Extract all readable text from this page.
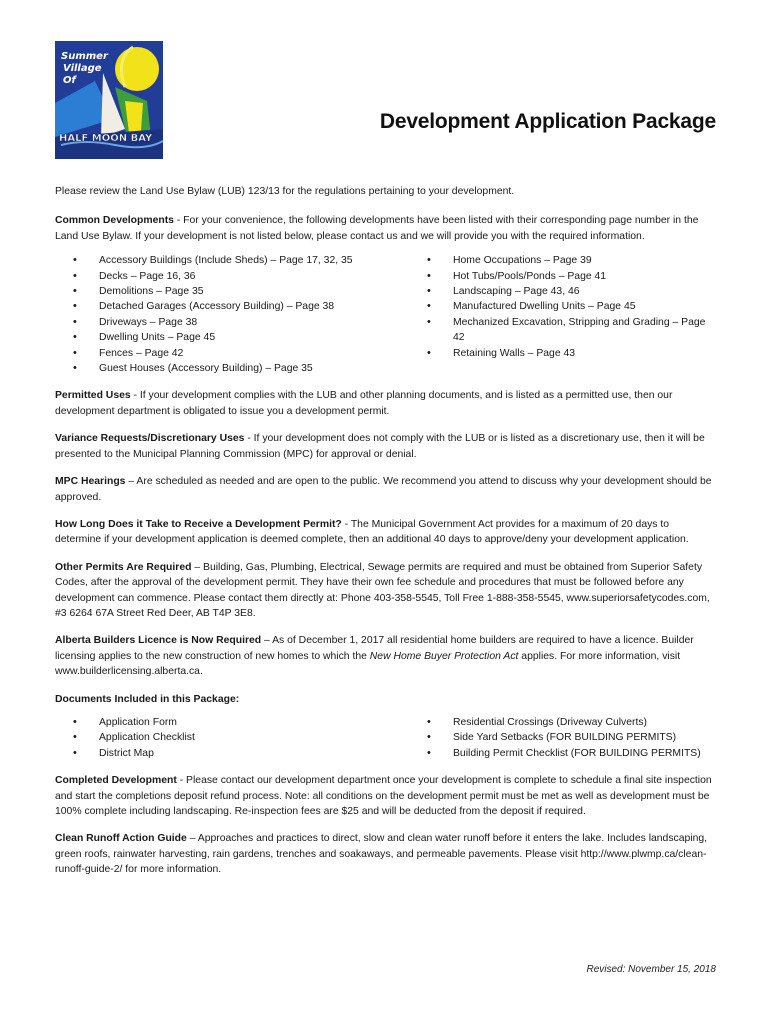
Summer
Village
Of
HALF MOON BAY
Development Application Package

Please review the Land Use Bylaw (LUB) 123/13 for the regulations pertaining to your development.

Common Developments - For your convenience, the following developments have been listed with their corresponding page number in the Land Use Bylaw. If your development is not listed below, please contact us and we will provide you with the required information.

• Accessory Buildings (Include Sheds) – Page 17, 32, 35
• Decks – Page 16, 36
• Demolitions – Page 35
• Detached Garages (Accessory Building) – Page 38
• Driveways – Page 38
• Dwelling Units – Page 45
• Fences – Page 42
• Guest Houses (Accessory Building) – Page 35
• Home Occupations – Page 39
• Hot Tubs/Pools/Ponds – Page 41
• Landscaping – Page 43, 46
• Manufactured Dwelling Units – Page 45
• Mechanized Excavation, Stripping and Grading – Page 42
• Retaining Walls – Page 43

Permitted Uses - If your development complies with the LUB and other planning documents, and is listed as a permitted use, then our development department is obligated to issue you a development permit.

Variance Requests/Discretionary Uses - If your development does not comply with the LUB or is listed as a discretionary use, then it will be presented to the Municipal Planning Commission (MPC) for approval or denial.

MPC Hearings – Are scheduled as needed and are open to the public. We recommend you attend to discuss why your development should be approved.

How Long Does it Take to Receive a Development Permit? - The Municipal Government Act provides for a maximum of 20 days to determine if your development application is deemed complete, then an additional 40 days to approve/deny your development application.

Other Permits Are Required – Building, Gas, Plumbing, Electrical, Sewage permits are required and must be obtained from Superior Safety Codes, after the approval of the development permit. They have their own fee schedule and procedures that must be followed before any development can commence. Please contact them directly at: Phone 403-358-5545, Toll Free 1-888-358-5545, www.superiorsafetycodes.com, #3 6264 67A Street Red Deer, AB T4P 3E8.

Alberta Builders Licence is Now Required – As of December 1, 2017 all residential home builders are required to have a licence. Builder licensing applies to the new construction of new homes to which the New Home Buyer Protection Act applies. For more information, visit www.builderlicensing.alberta.ca.

Documents Included in this Package:

• Application Form
• Application Checklist
• District Map
• Residential Crossings (Driveway Culverts)
• Side Yard Setbacks (FOR BUILDING PERMITS)
• Building Permit Checklist (FOR BUILDING PERMITS)

Completed Development - Please contact our development department once your development is complete to schedule a final site inspection and start the completions deposit refund process. Note: all conditions on the development permit must be met as well as development must be 100% complete including landscaping. Re-inspection fees are $25 and will be deducted from the deposit if required.

Clean Runoff Action Guide – Approaches and practices to direct, slow and clean water runoff before it enters the lake. Includes landscaping, green roofs, rainwater harvesting, rain gardens, trenches and soakaways, and permeable pavements. Please visit http://www.plwmp.ca/clean-runoff-guide-2/ for more information.

Revised: November 15, 2018
